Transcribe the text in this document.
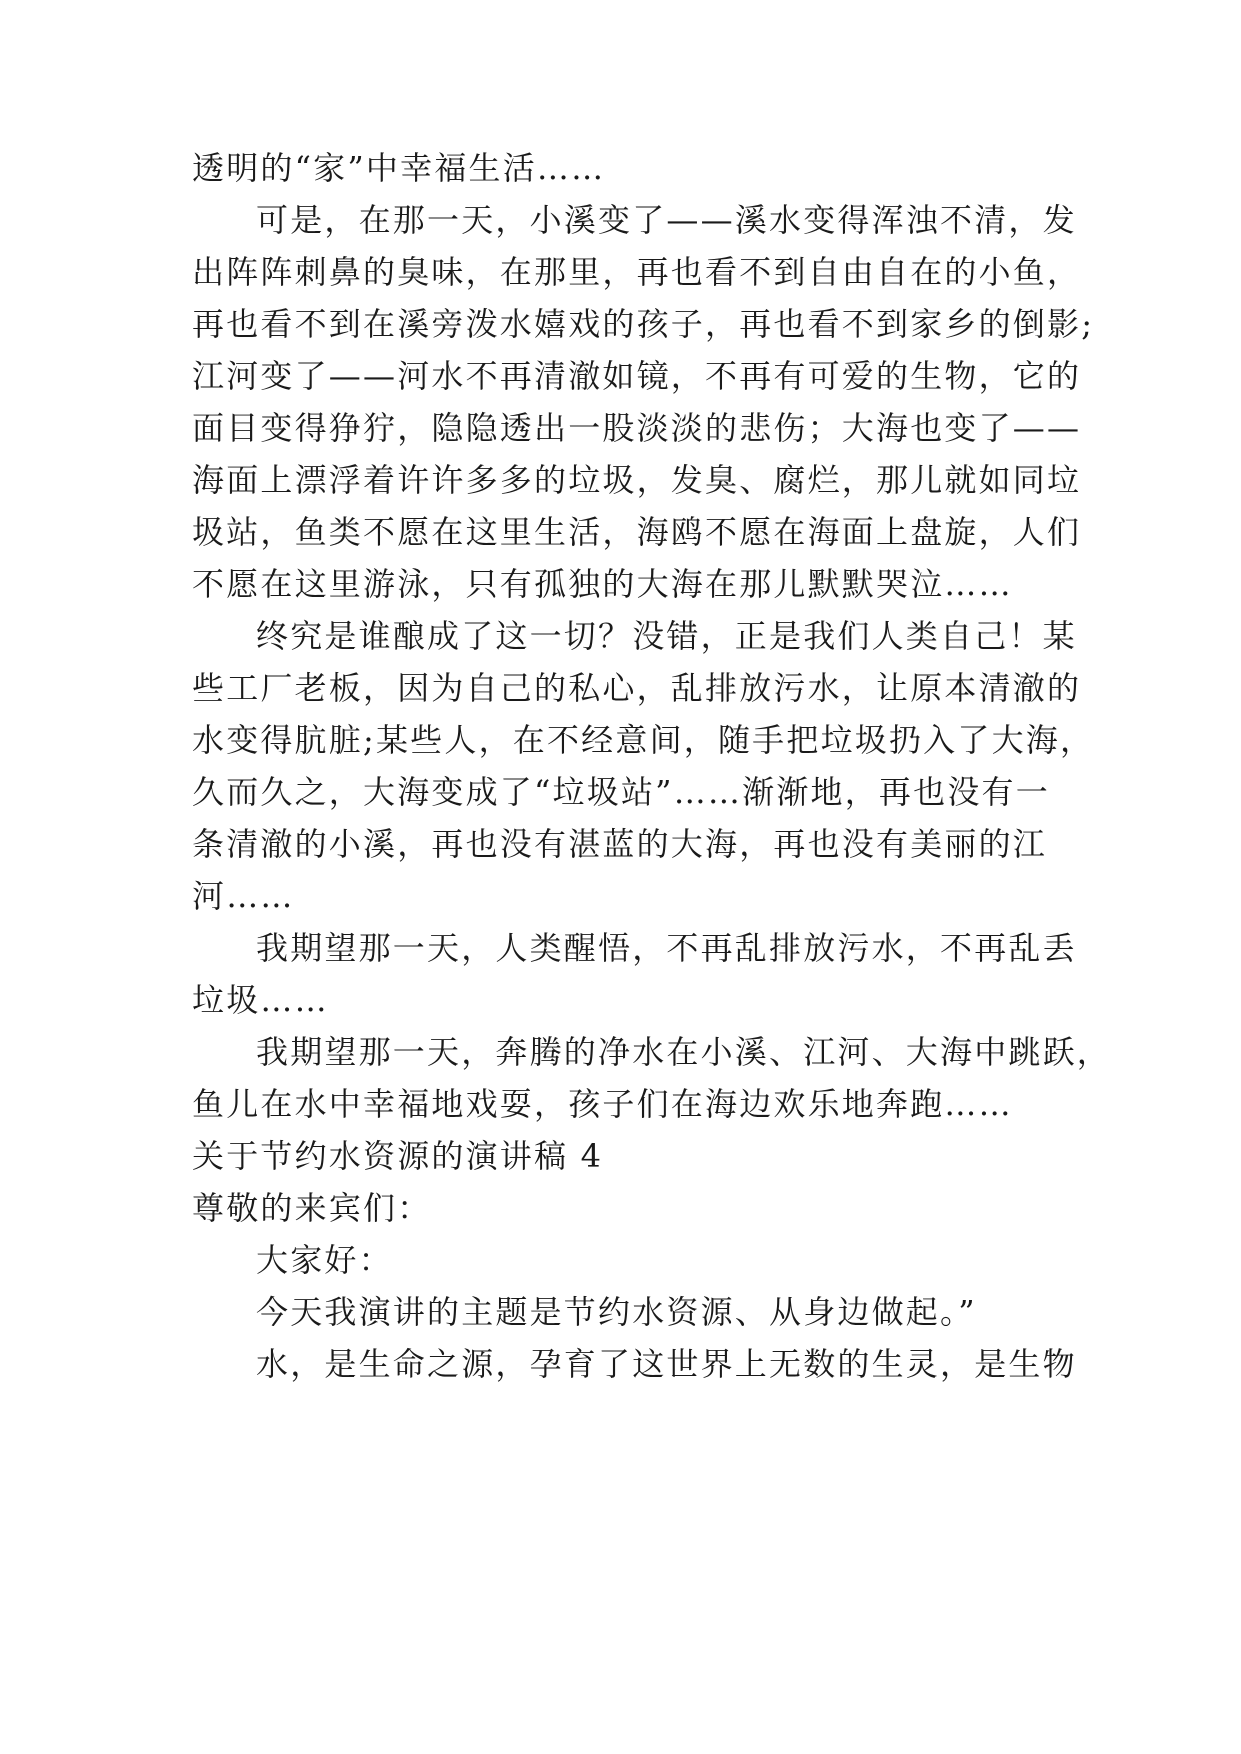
透明的“家”中幸福生活……
可是，在那一天，小溪变了——溪水变得浑浊不清，发
出阵阵刺鼻的臭味，在那里，再也看不到自由自在的小鱼，
再也看不到在溪旁泼水嬉戏的孩子，再也看不到家乡的倒影;
江河变了——河水不再清澈如镜，不再有可爱的生物，它的
面目变得狰狞，隐隐透出一股淡淡的悲伤；大海也变了——
海面上漂浮着许许多多的垃圾，发臭、腐烂，那儿就如同垃
圾站，鱼类不愿在这里生活，海鸥不愿在海面上盘旋，人们
不愿在这里游泳，只有孤独的大海在那儿默默哭泣……
终究是谁酿成了这一切？没错，正是我们人类自己！某
些工厂老板，因为自己的私心，乱排放污水，让原本清澈的
水变得肮脏;某些人，在不经意间，随手把垃圾扔入了大海，
久而久之，大海变成了“垃圾站”……渐渐地，再也没有一
条清澈的小溪，再也没有湛蓝的大海，再也没有美丽的江
河……
我期望那一天，人类醒悟，不再乱排放污水，不再乱丢
垃圾……
我期望那一天，奔腾的净水在小溪、江河、大海中跳跃，
鱼儿在水中幸福地戏耍，孩子们在海边欢乐地奔跑……
关于节约水资源的演讲稿 4
尊敬的来宾们：
大家好：
今天我演讲的主题是节约水资源、从身边做起。”
水，是生命之源，孕育了这世界上无数的生灵，是生物
